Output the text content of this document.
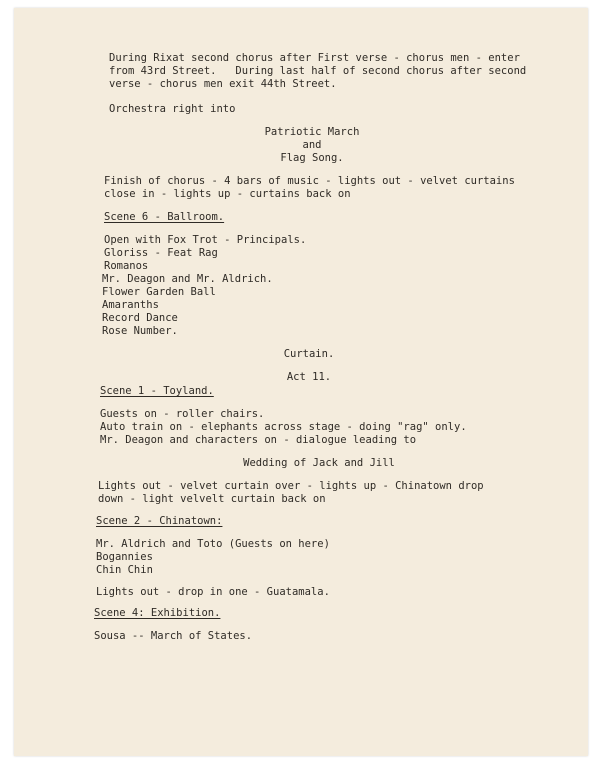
During Rixat second chorus after First verse - chorus men - enter
from 43rd Street.   During last half of second chorus after second
verse - chorus men exit 44th Street.
Orchestra right into
Patriotic March
and
Flag Song.
Finish of chorus - 4 bars of music - lights out - velvet curtains
close in - lights up - curtains back on
Scene 6 - Ballroom.
Open with Fox Trot - Principals.
Gloriss - Feat Rag
Romanos
Mr. Deagon and Mr. Aldrich.
Flower Garden Ball
Amaranths
Record Dance
Rose Number.
Curtain.
Act 11.
Scene 1 - Toyland.
Guests on - roller chairs.
Auto train on - elephants across stage - doing "rag" only.
Mr. Deagon and characters on - dialogue leading to
Wedding of Jack and Jill
Lights out - velvet curtain over - lights up - Chinatown drop
down - light velvelt curtain back on
Scene 2 - Chinatown:
Mr. Aldrich and Toto (Guests on here)
Bogannies
Chin Chin
Lights out - drop in one - Guatamala.
Scene 4: Exhibition.
Sousa -- March of States.
